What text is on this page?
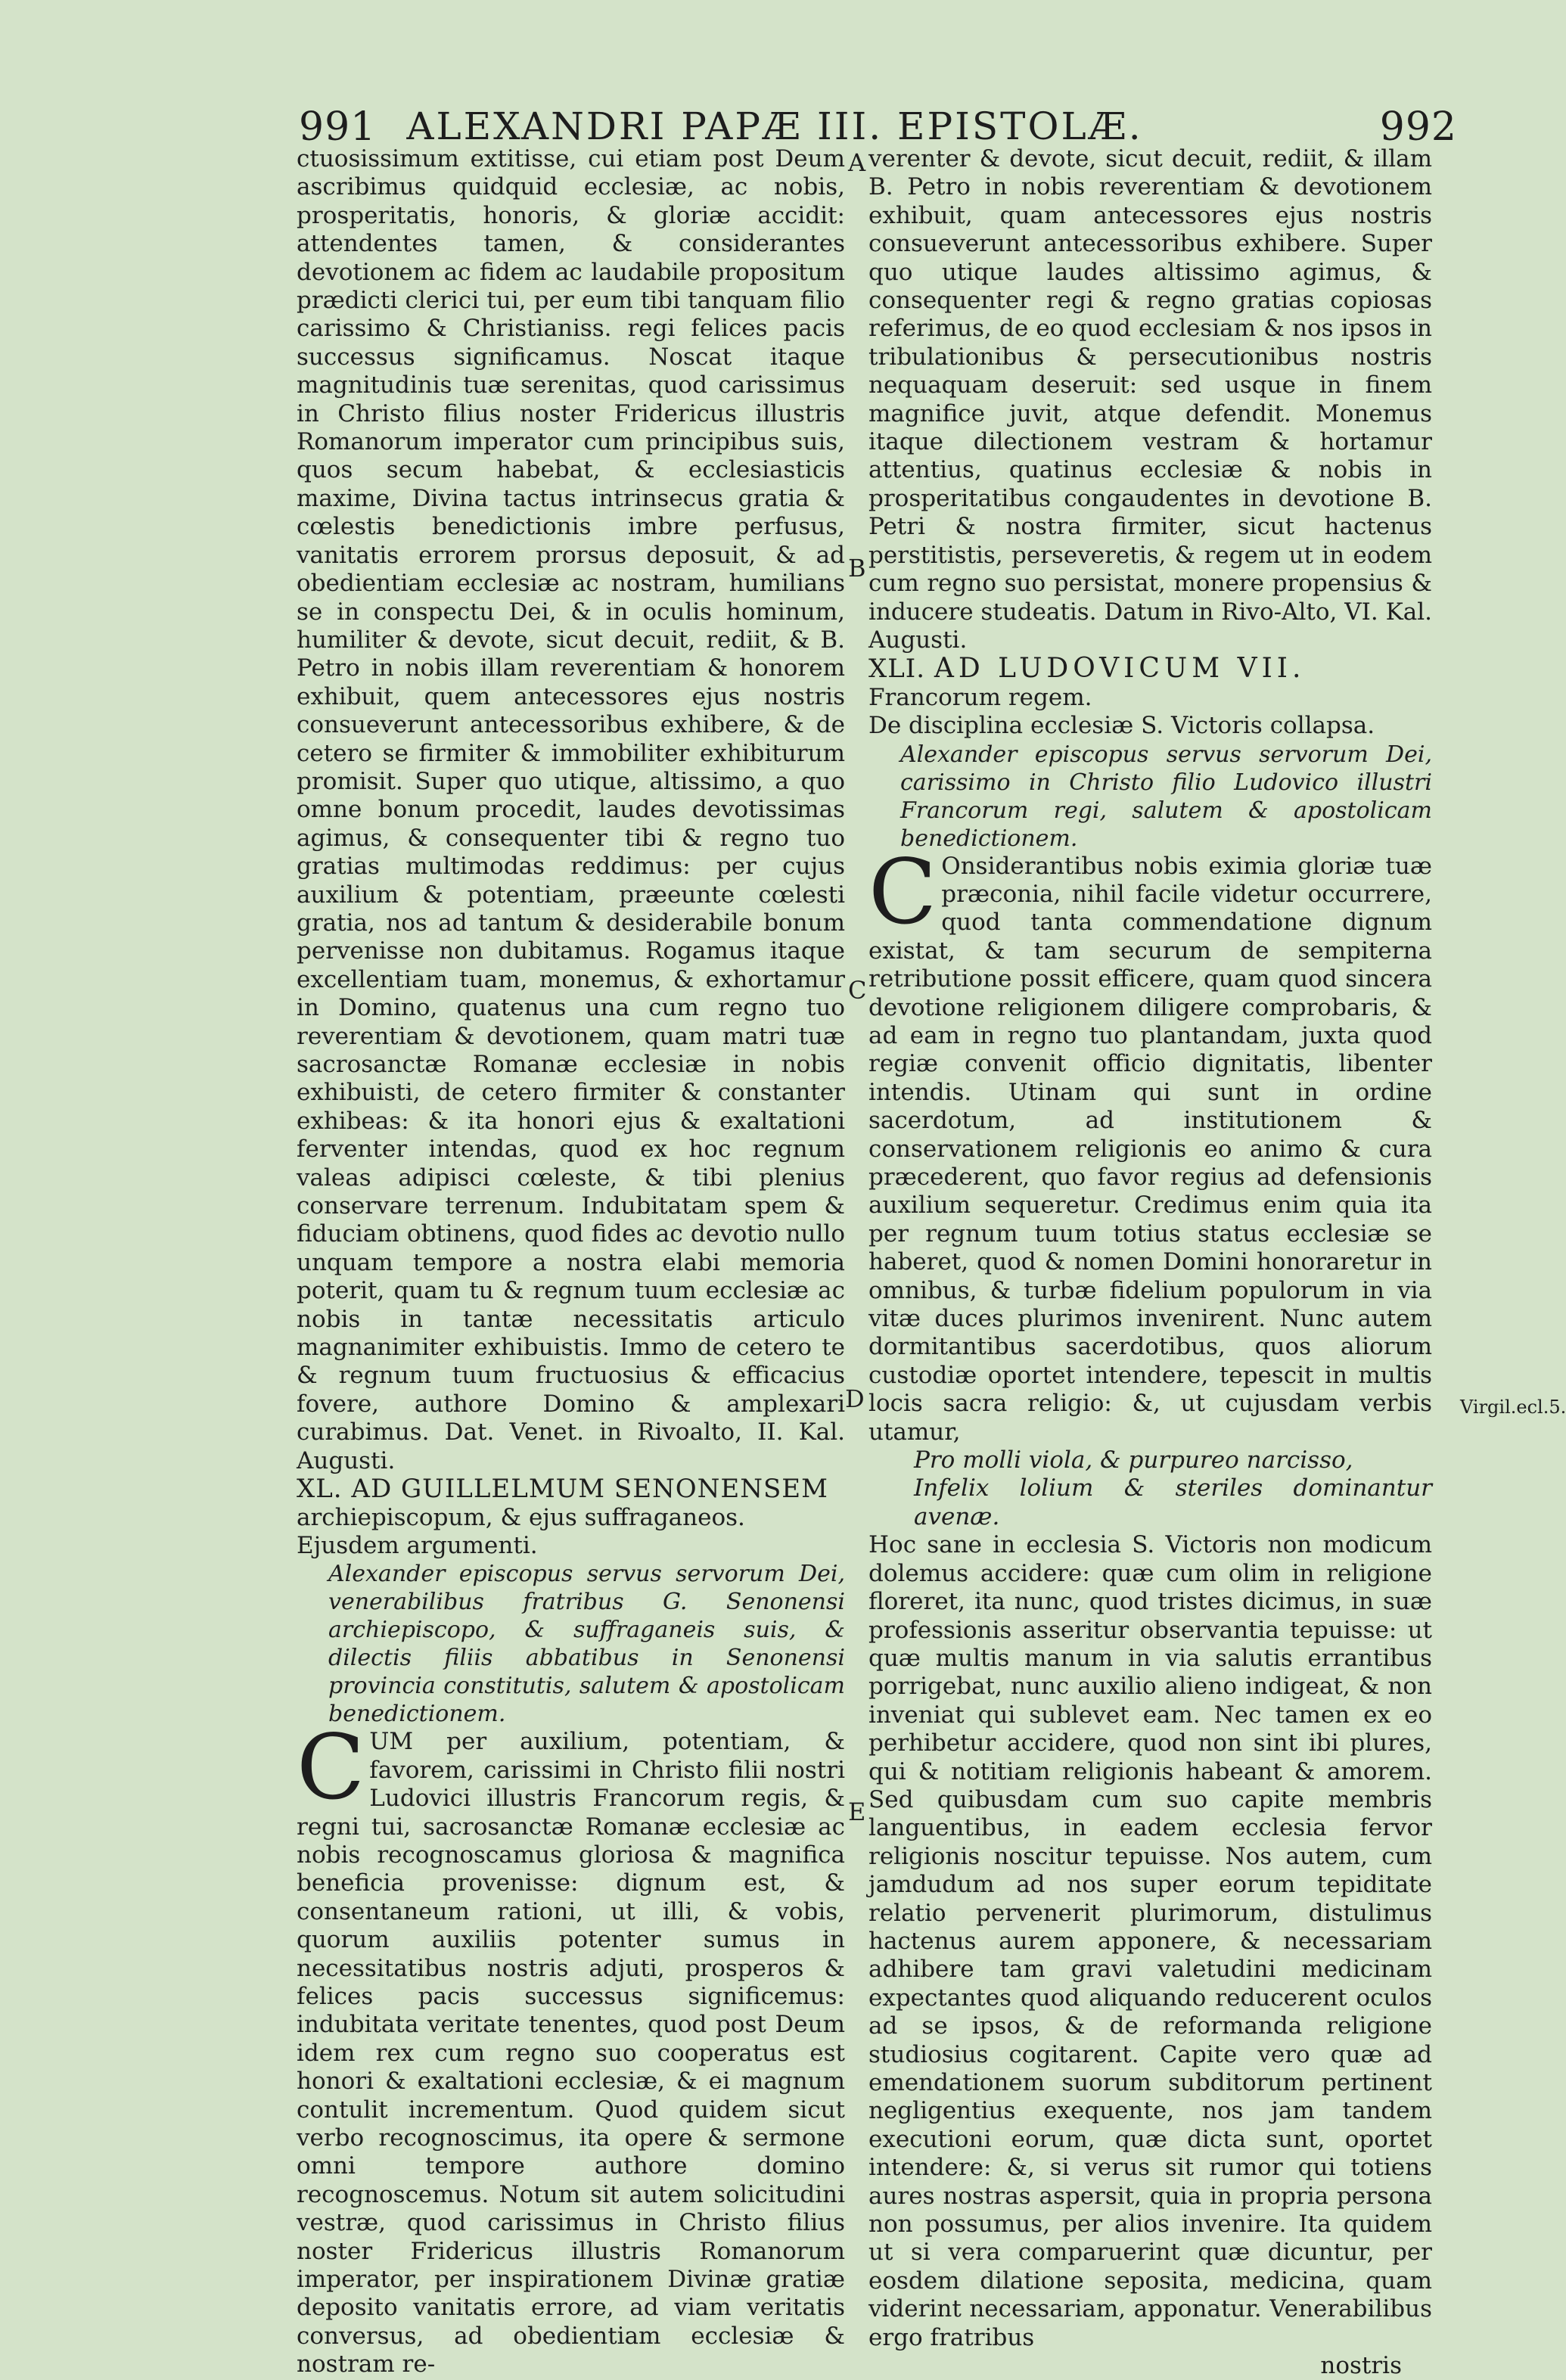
991 ALEXANDRI PAPÆ III. EPISTOLÆ.	992

ctuosissimum extitisse, cui etiam post Deum ascribimus quidquid ecclesiæ, ac nobis, prosperitatis, honoris, & gloriæ accidit: attendentes tamen, & considerantes devotionem ac fidem ac laudabile propositum prædicti clerici tui, per eum tibi tanquam filio carissimo & Christianiss. regi felices pacis successus significamus. Noscat itaque magnitudinis tuæ serenitas, quod carissimus in Christo filius noster Fridericus illustris Romanorum imperator cum principibus suis, quos secum habebat, & ecclesiasticis maxime, Divina tactus intrinsecus gratia & cœlestis benedictionis imbre perfusus, vanitatis errorem prorsus deposuit, & ad obedientiam ecclesiæ ac nostram, humilians se in conspectu Dei, & in oculis hominum, humiliter & devote, sicut decuit, rediit, & B. Petro in nobis illam reverentiam & honorem exhibuit, quem antecessores ejus nostris consueverunt antecessoribus exhibere, & de cetero se firmiter & immobiliter exhibiturum promisit. Super quo utique, altissimo, a quo omne bonum procedit, laudes devotissimas agimus, & consequenter tibi & regno tuo gratias multimodas reddimus: per cujus auxilium & potentiam, præeunte cœlesti gratia, nos ad tantum & desiderabile bonum pervenisse non dubitamus. Rogamus itaque excellentiam tuam, monemus, & exhortamur in Domino, quatenus una cum regno tuo reverentiam & devotionem, quam matri tuæ sacrosanctæ Romanæ ecclesiæ in nobis exhibuisti, de cetero firmiter & constanter exhibeas: & ita honori ejus & exaltationi ferventer intendas, quod ex hoc regnum valeas adipisci cœleste, & tibi plenius conservare terrenum. Indubitatam spem & fiduciam obtinens, quod fides ac devotio nullo unquam tempore a nostra elabi memoria poterit, quam tu & regnum tuum ecclesiæ ac nobis in tantæ necessitatis articulo magnanimiter exhibuistis. Immo de cetero te & regnum tuum fructuosius & efficacius fovere, authore Domino & amplexari curabimus. Dat. Venet. in Rivoalto, II. Kal. Augusti.

XL. AD GUILLELMUM SENONENSEM

archiepiscopum, & ejus suffraganeos.

Ejusdem argumenti.

Alexander episcopus servus servorum Dei, venerabilibus fratribus G. Senonensi archiepiscopo, & suffraganeis suis, & dilectis filiis abbatibus in Senonensi provincia constitutis, salutem & apostolicam benedictionem.

CUM per auxilium, potentiam, & favorem, carissimi in Christo filii nostri Ludovici illustris Francorum regis, & regni tui, sacrosanctæ Romanæ ecclesiæ ac nobis recognoscamus gloriosa & magnifica beneficia provenisse: dignum est, & consentaneum rationi, ut illi, & vobis, quorum auxiliis potenter sumus in necessitatibus nostris adjuti, prosperos & felices pacis successus significemus: indubitata veritate tenentes, quod post Deum idem rex cum regno suo cooperatus est honori & exaltationi ecclesiæ, & ei magnum contulit incrementum. Quod quidem sicut verbo recognoscimus, ita opere & sermone omni tempore authore domino recognoscemus. Notum sit autem solicitudini vestræ, quod carissimus in Christo filius noster Fridericus illustris Romanorum imperator, per inspirationem Divinæ gratiæ deposito vanitatis errore, ad viam veritatis conversus, ad obedientiam ecclesiæ & nostram re-

verenter & devote, sicut decuit, rediit, & illam B. Petro in nobis reverentiam & devotionem exhibuit, quam antecessores ejus nostris consueverunt antecessoribus exhibere. Super quo utique laudes altissimo agimus, & consequenter regi & regno gratias copiosas referimus, de eo quod ecclesiam & nos ipsos in tribulationibus & persecutionibus nostris nequaquam deseruit: sed usque in finem magnifice juvit, atque defendit. Monemus itaque dilectionem vestram & hortamur attentius, quatinus ecclesiæ & nobis in prosperitatibus congaudentes in devotione B. Petri & nostra firmiter, sicut hactenus perstitistis, perseveretis, & regem ut in eodem cum regno suo persistat, monere propensius & inducere studeatis. Datum in Rivo-Alto, VI. Kal. Augusti.

XLI. AD LUDOVICUM VII.

Francorum regem.

De disciplina ecclesiæ S. Victoris collapsa.

Alexander episcopus servus servorum Dei, carissimo in Christo filio Ludovico illustri Francorum regi, salutem & apostolicam benedictionem.

COnsiderantibus nobis eximia gloriæ tuæ præconia, nihil facile videtur occurrere, quod tanta commendatione dignum existat, & tam securum de sempiterna retributione possit efficere, quam quod sincera devotione religionem diligere comprobaris, & ad eam in regno tuo plantandam, juxta quod regiæ convenit officio dignitatis, libenter intendis. Utinam qui sunt in ordine sacerdotum, ad institutionem & conservationem religionis eo animo & cura præcederent, quo favor regius ad defensionis auxilium sequeretur. Credimus enim quia ita per regnum tuum totius status ecclesiæ se haberet, quod & nomen Domini honoraretur in omnibus, & turbæ fidelium populorum in via vitæ duces plurimos invenirent. Nunc autem dormitantibus sacerdotibus, quos aliorum custodiæ oportet intendere, tepescit in multis locis sacra religio: &, ut cujusdam verbis utamur,

Pro molli viola, & purpureo narcisso,

Infelix lolium & steriles dominantur avenæ.

Hoc sane in ecclesia S. Victoris non modicum dolemus accidere: quæ cum olim in religione floreret, ita nunc, quod tristes dicimus, in suæ professionis asseritur observantia tepuisse: ut quæ multis manum in via salutis errantibus porrigebat, nunc auxilio alieno indigeat, & non inveniat qui sublevet eam. Nec tamen ex eo perhibetur accidere, quod non sint ibi plures, qui & notitiam religionis habeant & amorem. Sed quibusdam cum suo capite membris languentibus, in eadem ecclesia fervor religionis noscitur tepuisse. Nos autem, cum jamdudum ad nos super eorum tepiditate relatio pervenerit plurimorum, distulimus hactenus aurem apponere, & necessariam adhibere tam gravi valetudini medicinam expectantes quod aliquando reducerent oculos ad se ipsos, & de reformanda religione studiosius cogitarent. Capite vero quæ ad emendationem suorum subditorum pertinent negligentius exequente, nos jam tandem executioni eorum, quæ dicta sunt, oportet intendere: &, si verus sit rumor qui totiens aures nostras aspersit, quia in propria persona non possumus, per alios invenire. Ita quidem ut si vera comparuerint quæ dicuntur, per eosdem dilatione seposita, medicina, quam viderint necessariam, apponatur. Venerabilibus ergo fratribus

nostris

A
B
C
D
E
Virgil.ecl.5.
